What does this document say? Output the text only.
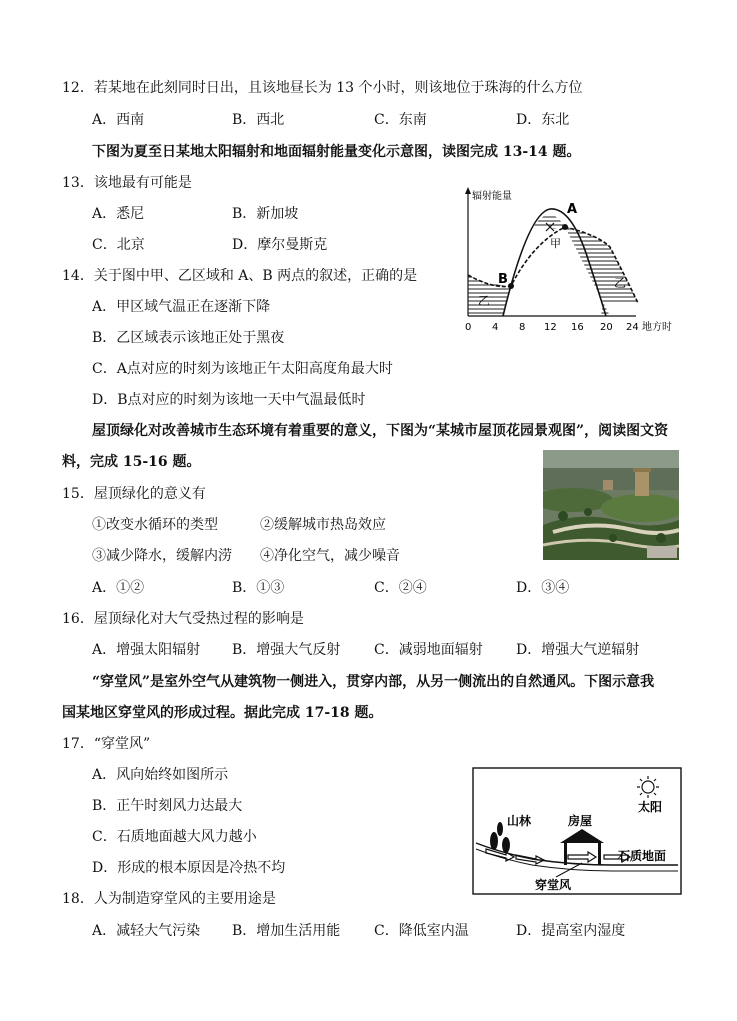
12．若某地在此刻同时日出，且该地昼长为 13 个小时，则该地位于珠海的什么方位
A．西南	B．西北	C．东南	D．东北
下图为夏至日某地太阳辐射和地面辐射能量变化示意图，读图完成 13-14 题。
13．该地最有可能是
A．悉尼	B．新加坡
C．北京	D．摩尔曼斯克
14．关于图中甲、乙区域和 A、B 两点的叙述，正确的是
A．甲区域气温正在逐渐下降
B．乙区域表示该地正处于黑夜
C．A点对应的时刻为该地正午太阳高度角最大时
D．B点对应的时刻为该地一天中气温最低时
辐射能量
A
B
甲
乙
乙
0 4 8 12 16 20 24 地方时
屋顶绿化对改善城市生态环境有着重要的意义，下图为“某城市屋顶花园景观图”，阅读图文资
料，完成 15-16 题。
15．屋顶绿化的意义有
①改变水循环的类型	②缓解城市热岛效应
③减少降水，缓解内涝 ④净化空气，减少噪音
A．①②	B．①③	C．②④	D．③④
16．屋顶绿化对大气受热过程的影响是
A．增强太阳辐射 B．增强大气反射 C．减弱地面辐射 D．增强大气逆辐射
“穿堂风”是室外空气从建筑物一侧进入，贯穿内部，从另一侧流出的自然通风。下图示意我
国某地区穿堂风的形成过程。据此完成 17-18 题。
17．“穿堂风”
A．风向始终如图所示
B．正午时刻风力达最大
C．石质地面越大风力越小
D．形成的根本原因是冷热不均
太阳
山林	房屋
石质地面
穿堂风
18．人为制造穿堂风的主要用途是
A．减轻大气污染 B．增加生活用能 C．降低室内温	D．提高室内湿度
